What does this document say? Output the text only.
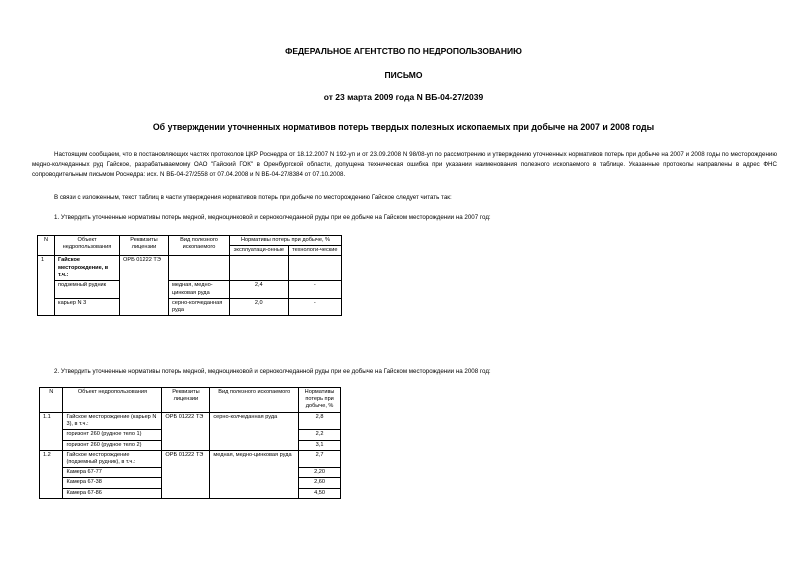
ФЕДЕРАЛЬНОЕ АГЕНТСТВО ПО НЕДРОПОЛЬЗОВАНИЮ
ПИСЬМО
от 23 марта 2009 года N ВБ-04-27/2039
Об утверждении уточненных нормативов потерь твердых полезных ископаемых при добыче на 2007 и 2008 годы
Настоящим сообщаем, что в постановляющих частях протоколов ЦКР Роснедра от 18.12.2007 N 192-уп и от 23.09.2008 N 98/08-уп по рассмотрению и утверждению уточненных нормативов потерь при добыче на 2007 и 2008 годы по месторождению медно-колчеданных руд Гайское, разрабатываемому ОАО "Гайский ГОК" в Оренбургской области, допущена техническая ошибка при указании наименования полезного ископаемого в таблице. Указанные протоколы направлены в адрес ФНС сопроводительным письмом Роснедра: исх. N ВБ-04-27/2558 от 07.04.2008 и N ВБ-04-27/8384 от 07.10.2008.
В связи с изложенным, текст таблиц в части утверждения нормативов потерь при добыче по месторождению Гайское следует читать так:
1. Утвердить уточненные нормативы потерь медной, медноцинковой и серноколчеданной руды при ее добыче на Гайском месторождении на 2007 год:
N	Объект недропользования	Реквизиты лицензии	Вид полезного ископаемого	Нормативы потерь при добыче, %	
				эксплуатаци-онные	технологи-ческие
1	Гайское месторождение, в т.ч.:	ОРБ 01222 ТЭ			
	подземный рудник		медная, медно-цинковая руда	2,4	-
	карьер N 3		серно-колчеданная руда	2,0	-
2. Утвердить уточненные нормативы потерь медной, медноцинковой и серноколчеданной руды при ее добыче на Гайском месторождении на 2008 год:
N	Объект недропользования	Реквизиты лицензии	Вид полезного ископаемого	Нормативы потерь при добыче, %
1.1	Гайское месторождение (карьер N 3), в т.ч.:	ОРБ 01222 ТЭ	серно-колчеданная руда	2,8
	горизонт 260 (рудное тело 1)			2,2
	горизонт 260 (рудное тело 2)			3,1
1.2	Гайское месторождение (подземный рудник), в т.ч.:	ОРБ 01222 ТЭ	медная, медно-цинковая руда	2,7
	Камера 67-77			2,20
	Камера 67-38			2,60
	Камера 67-86			4,50
